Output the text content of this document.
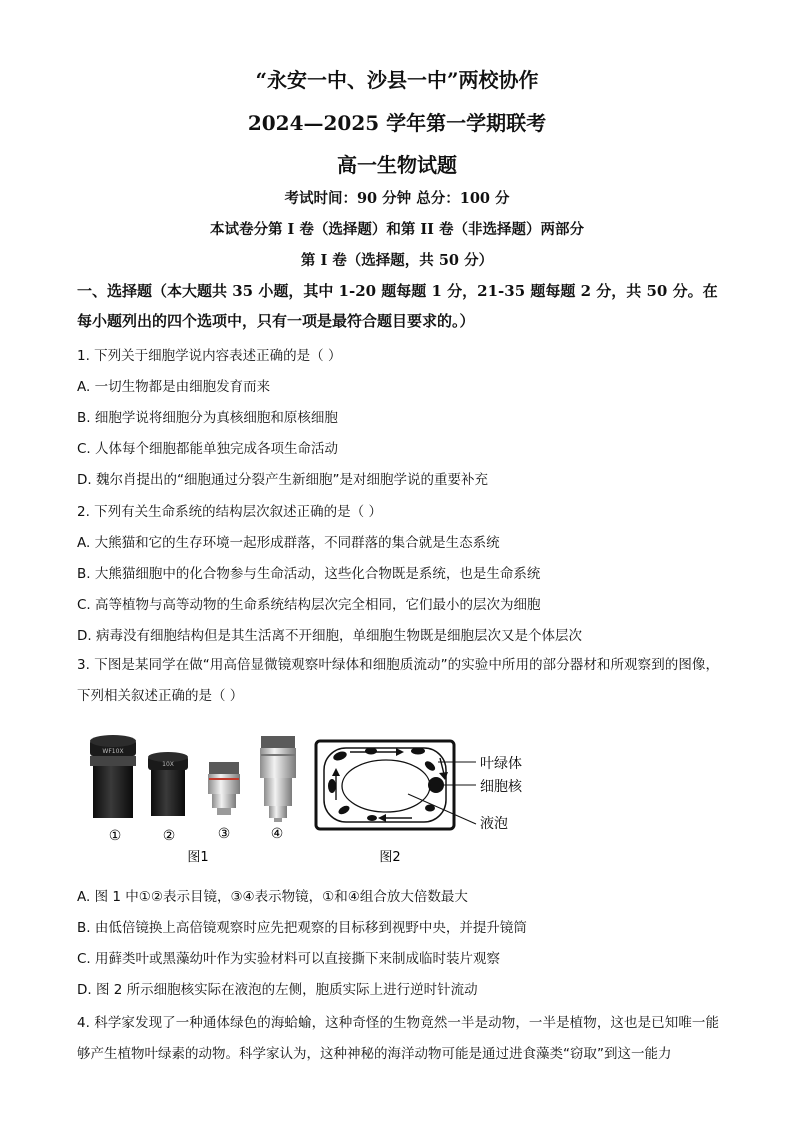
“永安一中、沙县一中”两校协作
2024—2025 学年第一学期联考
高一生物试题
考试时间：90 分钟 总分：100 分
本试卷分第 I 卷（选择题）和第 II 卷（非选择题）两部分
第 I 卷（选择题，共 50 分）
一、选择题（本大题共 35 小题，其中 1-20 题每题 1 分，21-35 题每题 2 分，共 50 分。在每小题列出的四个选项中，只有一项是最符合题目要求的。）
1. 下列关于细胞学说内容表述正确的是（ ）
A. 一切生物都是由细胞发育而来
B. 细胞学说将细胞分为真核细胞和原核细胞
C. 人体每个细胞都能单独完成各项生命活动
D. 魏尔肖提出的“细胞通过分裂产生新细胞”是对细胞学说的重要补充
2. 下列有关生命系统的结构层次叙述正确的是（ ）
A. 大熊猫和它的生存环境一起形成群落，不同群落的集合就是生态系统
B. 大熊猫细胞中的化合物参与生命活动，这些化合物既是系统，也是生命系统
C. 高等植物与高等动物的生命系统结构层次完全相同，它们最小的层次为细胞
D. 病毒没有细胞结构但是其生活离不开细胞，单细胞生物既是细胞层次又是个体层次
3. 下图是某同学在做“用高倍显微镜观察叶绿体和细胞质流动”的实验中所用的部分器材和所观察到的图像，下列相关叙述正确的是（ ）
WF10X
10X
①	②	③	④
图1
叶绿体
细胞核
液泡
图2
A. 图 1 中①②表示目镜，③④表示物镜，①和④组合放大倍数最大
B. 由低倍镜换上高倍镜观察时应先把观察的目标移到视野中央，并提升镜筒
C. 用藓类叶或黑藻幼叶作为实验材料可以直接撕下来制成临时装片观察
D. 图 2 所示细胞核实际在液泡的左侧，胞质实际上进行逆时针流动
4. 科学家发现了一种通体绿色的海蛤蝓，这种奇怪的生物竟然一半是动物，一半是植物，这也是已知唯一能够产生植物叶绿素的动物。科学家认为，这种神秘的海洋动物可能是通过进食藻类“窃取”到这一能力
